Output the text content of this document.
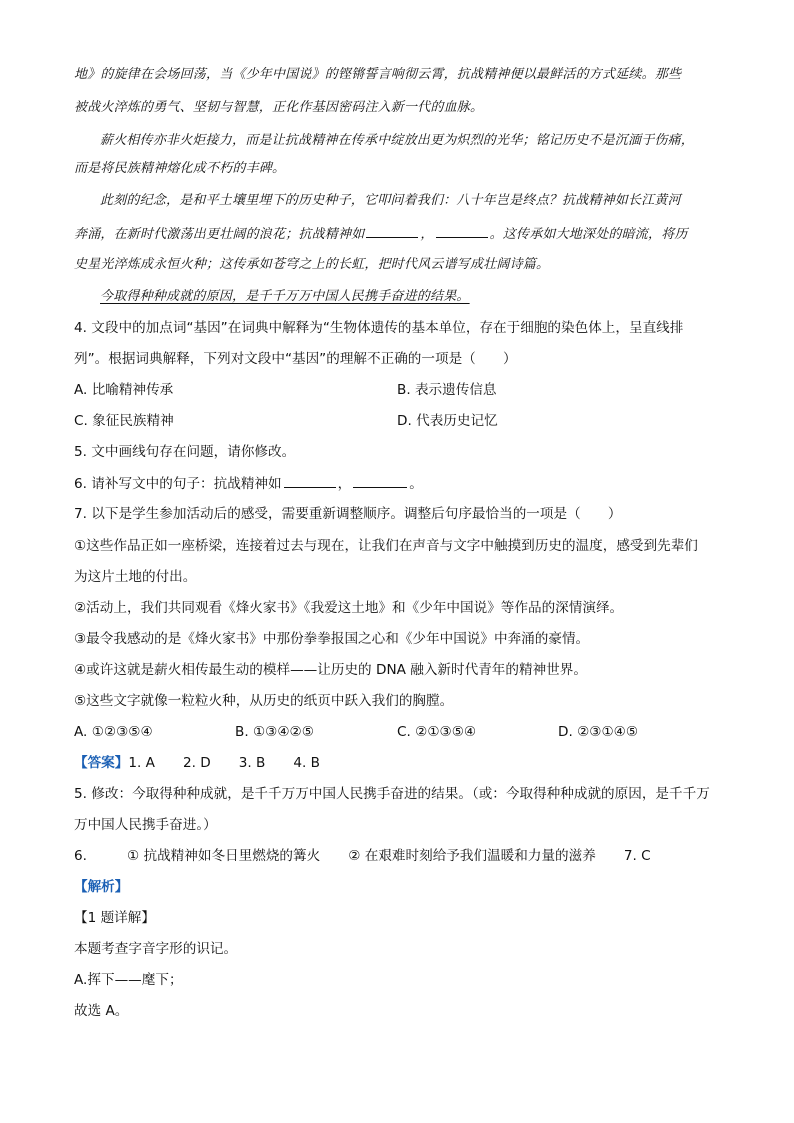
地》的旋律在会场回荡，当《少年中国说》的铿锵誓言响彻云霄，抗战精神便以最鲜活的方式延续。那些
被战火淬炼的勇气、坚韧与智慧，正化作基因密码注入新一代的血脉。
薪火相传亦非火炬接力，而是让抗战精神在传承中绽放出更为炽烈的光华；铭记历史不是沉湎于伤痛，
而是将民族精神熔化成不朽的丰碑。
此刻的纪念，是和平土壤里埋下的历史种子，它叩问着我们：八十年岂是终点？抗战精神如长江黄河
奔涌，在新时代激荡出更壮阔的浪花；抗战精神如	，	。这传承如大地深处的暗流，将历
史星光淬炼成永恒火种；这传承如苍穹之上的长虹，把时代风云谱写成壮阔诗篇。
今取得种种成就的原因，是千千万万中国人民携手奋进的结果。
4. 文段中的加点词“基因”在词典中解释为“生物体遗传的基本单位，存在于细胞的染色体上，呈直线排
列”。根据词典解释，下列对文段中“基因”的理解不正确的一项是（　　）
A. 比喻精神传承	B. 表示遗传信息
C. 象征民族精神	D. 代表历史记忆
5. 文中画线句存在问题，请你修改。
6. 请补写文中的句子：抗战精神如	，	。
7. 以下是学生参加活动后的感受，需要重新调整顺序。调整后句序最恰当的一项是（　　）
①这些作品正如一座桥梁，连接着过去与现在，让我们在声音与文字中触摸到历史的温度，感受到先辈们
为这片土地的付出。
②活动上，我们共同观看《烽火家书》《我爱这土地》和《少年中国说》等作品的深情演绎。
③最令我感动的是《烽火家书》中那份拳拳报国之心和《少年中国说》中奔涌的豪情。
④或许这就是薪火相传最生动的模样——让历史的 DNA 融入新时代青年的精神世界。
⑤这些文字就像一粒粒火种，从历史的纸页中跃入我们的胸膛。
A. ①②③⑤④	B. ①③④②⑤	C. ②①③⑤④	D. ②③①④⑤
【答案】1. A 2. D 3. B 4. B
5. 修改：今取得种种成就，是千千万万中国人民携手奋进的结果。（或：今取得种种成就的原因，是千千万
万中国人民携手奋进。）
6.	① 抗战精神如冬日里燃烧的篝火 ② 在艰难时刻给予我们温暖和力量的滋养 7. C
【解析】
【1 题详解】
本题考查字音字形的识记。
A.挥下——麾下；
故选 A。
